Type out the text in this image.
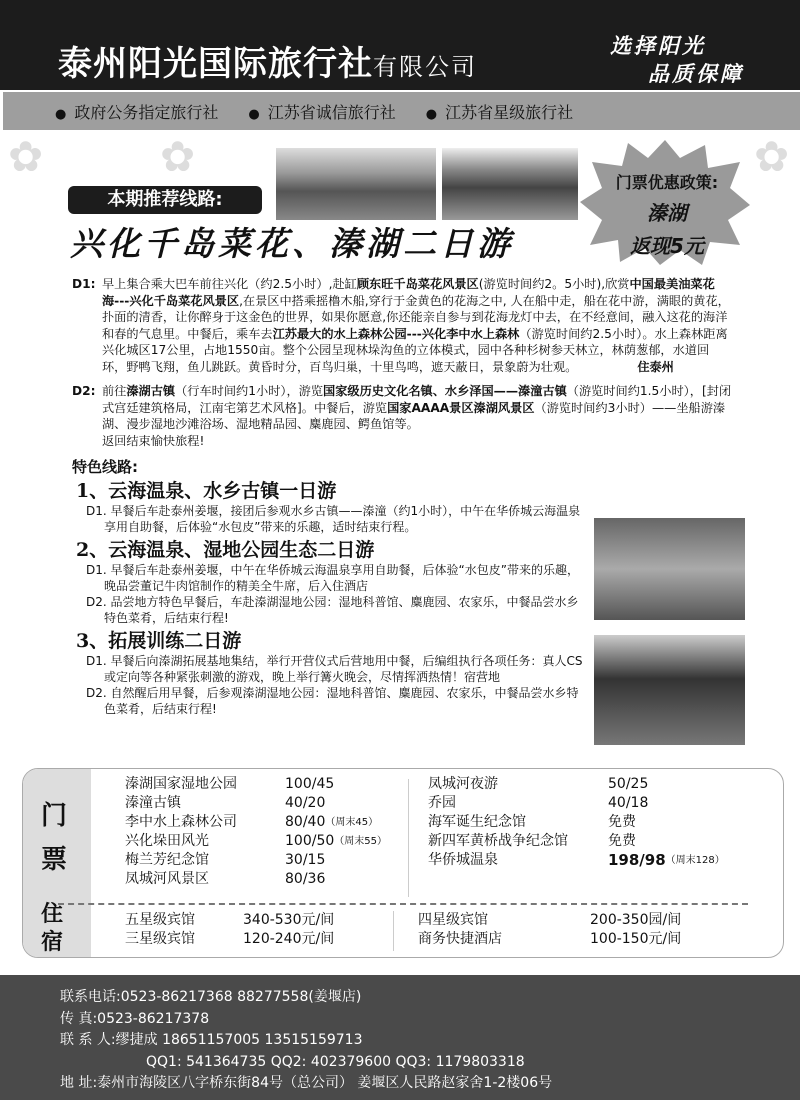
泰州阳光国际旅行社有限公司
选择阳光
品质保障
● 政府公务指定旅行社	● 江苏省诚信旅行社	● 江苏省星级旅行社
✿	✿	✿
门票优惠政策:
溱湖
返现5元
本期推荐线路:
兴化千岛菜花、溱湖二日游
D1: 早上集合乘大巴车前往兴化（约2.5小时）,赴缸顾东旺千岛菜花风景区(游览时间约2。5小时),欣赏中国最美油菜花海---兴化千岛菜花风景区,在景区中搭乘摇橹木船,穿行于金黄色的花海之中, 人在船中走，船在花中游，满眼的黄花，扑面的清香，让你醉身于这金色的世界，如果你愿意,你还能亲自参与到花海龙灯中去，在不经意间，融入这花的海洋和春的气息里。中餐后，乘车去江苏最大的水上森林公园---兴化李中水上森林（游览时间约2.5小时）。水上森林距离兴化城区17公里，占地1550亩。整个公园呈现林垛沟鱼的立体模式，园中各种杉树参天林立，林荫葱郁，水道回环，野鸭飞翔，鱼儿跳跃。黄昏时分，百鸟归巢，十里鸟鸣，遮天蔽日，景象蔚为壮观。	住泰州
D2: 前往溱湖古镇（行车时间约1小时），游览国家级历史文化名镇、水乡泽国——溱潼古镇（游览时间约1.5小时），[封闭式宫廷建筑格局，江南宅第艺术风格]。中餐后，游览国家AAAA景区溱湖风景区（游览时间约3小时）——坐船游溱湖、漫步湿地沙滩浴场、湿地精品园、麋鹿园、鳄鱼馆等。
返回结束愉快旅程!
特色线路:
1、云海温泉、水乡古镇一日游
D1. 早餐后车赴泰州姜堰，接团后参观水乡古镇——溱潼（约1小时），中午在华侨城云海温泉享用自助餐，后体验“水包皮”带来的乐趣，适时结束行程。
2、云海温泉、湿地公园生态二日游
D1. 早餐后车赴泰州姜堰，中午在华侨城云海温泉享用自助餐，后体验“水包皮”带来的乐趣，晚品尝董记牛肉馆制作的精美全牛席，后入住酒店
D2. 品尝地方特色早餐后，车赴溱湖湿地公园：湿地科普馆、麋鹿园、农家乐，中餐品尝水乡特色菜肴，后结束行程!
3、拓展训练二日游
D1. 早餐后向溱湖拓展基地集结，举行开营仪式后营地用中餐，后编组执行各项任务：真人CS或定向等各种紧张刺激的游戏，晚上举行篝火晚会，尽情挥洒热情！宿营地
D2. 自然醒后用早餐，后参观溱湖湿地公园：湿地科普馆、麋鹿园、农家乐，中餐品尝水乡特色菜肴，后结束行程!
门
票
住
宿
溱湖国家湿地公园	100/45
溱潼古镇	40/20
李中水上森林公司	80/40 （周末45）
兴化垛田风光	100/50 （周末55）
梅兰芳纪念馆	30/15
凤城河风景区	80/36
凤城河夜游	50/25
乔园	40/18
海军诞生纪念馆	免费
新四军黄桥战争纪念馆	免费
华侨城温泉	198/98 （周末128）
五星级宾馆	340-530元/间
三星级宾馆	120-240元/间
四星级宾馆	200-350园/间
商务快捷酒店	100-150元/间
联系电话:0523-86217368 88277558(姜堰店)
传 真:0523-86217378
联 系 人:缪捷成 18651157005 13515159713
QQ1: 541364735 QQ2: 402379600 QQ3: 1179803318
地 址:泰州市海陵区八字桥东街84号（总公司） 姜堰区人民路赵家舍1-2楼06号
